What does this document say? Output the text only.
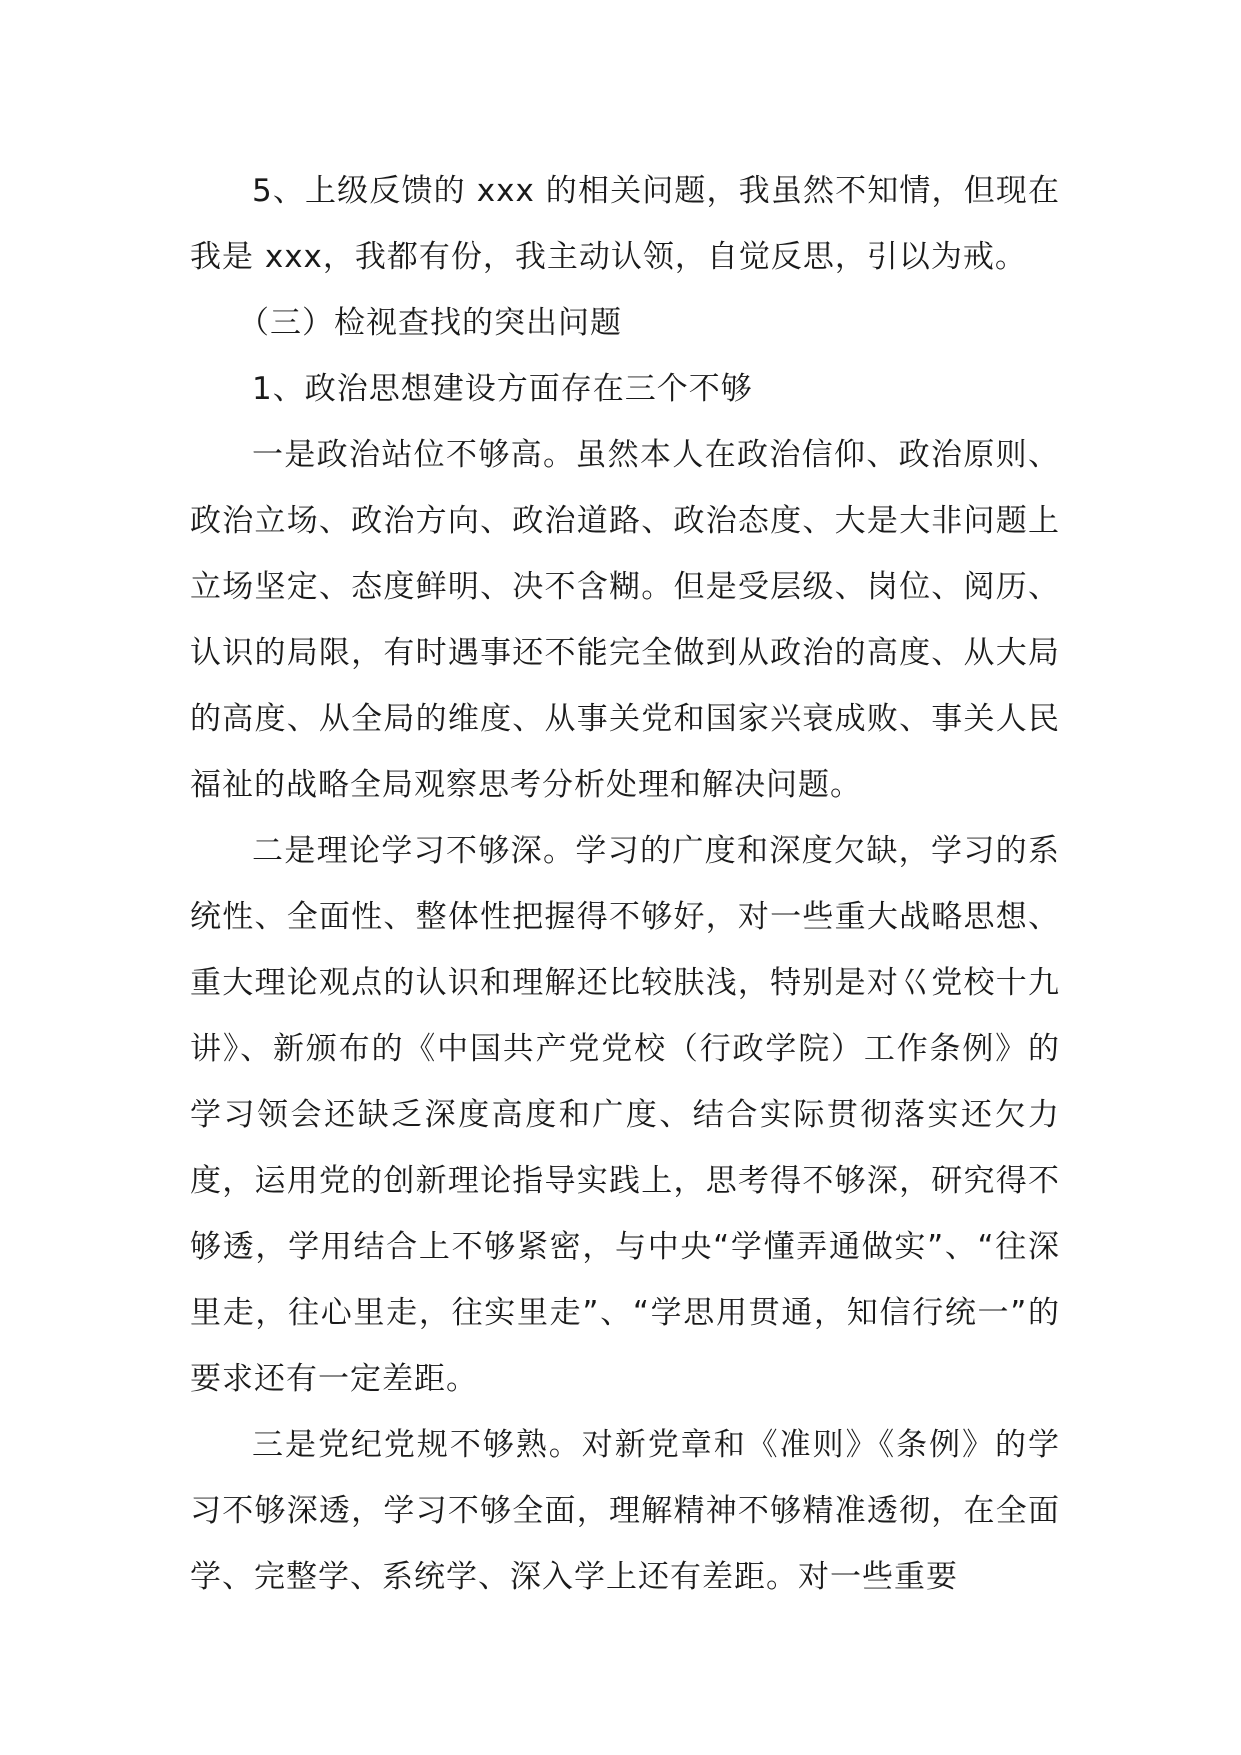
5、上级反馈的 xxx 的相关问题，我虽然不知情，但现在我是 xxx，我都有份，我主动认领，自觉反思，引以为戒。

（三）检视查找的突出问题

1、政治思想建设方面存在三个不够

一是政治站位不够高。虽然本人在政治信仰、政治原则、政治立场、政治方向、政治道路、政治态度、大是大非问题上立场坚定、态度鲜明、决不含糊。但是受层级、岗位、阅历、认识的局限，有时遇事还不能完全做到从政治的高度、从大局的高度、从全局的维度、从事关党和国家兴衰成败、事关人民福祉的战略全局观察思考分析处理和解决问题。

二是理论学习不够深。学习的广度和深度欠缺，学习的系统性、全面性、整体性把握得不够好，对一些重大战略思想、重大理论观点的认识和理解还比较肤浅，特别是对巜党校十九讲》、新颁布的《中国共产党党校（行政学院）工作条例》的学习领会还缺乏深度高度和广度、结合实际贯彻落实还欠力度，运用党的创新理论指导实践上，思考得不够深，研究得不够透，学用结合上不够紧密，与中央“学懂弄通做实”、“往深里走，往心里走，往实里走”、“学思用贯通，知信行统一”的要求还有一定差距。

三是党纪党规不够熟。对新党章和《准则》《条例》的学习不够深透，学习不够全面，理解精神不够精准透彻，在全面学、完整学、系统学、深入学上还有差距。对一些重要
